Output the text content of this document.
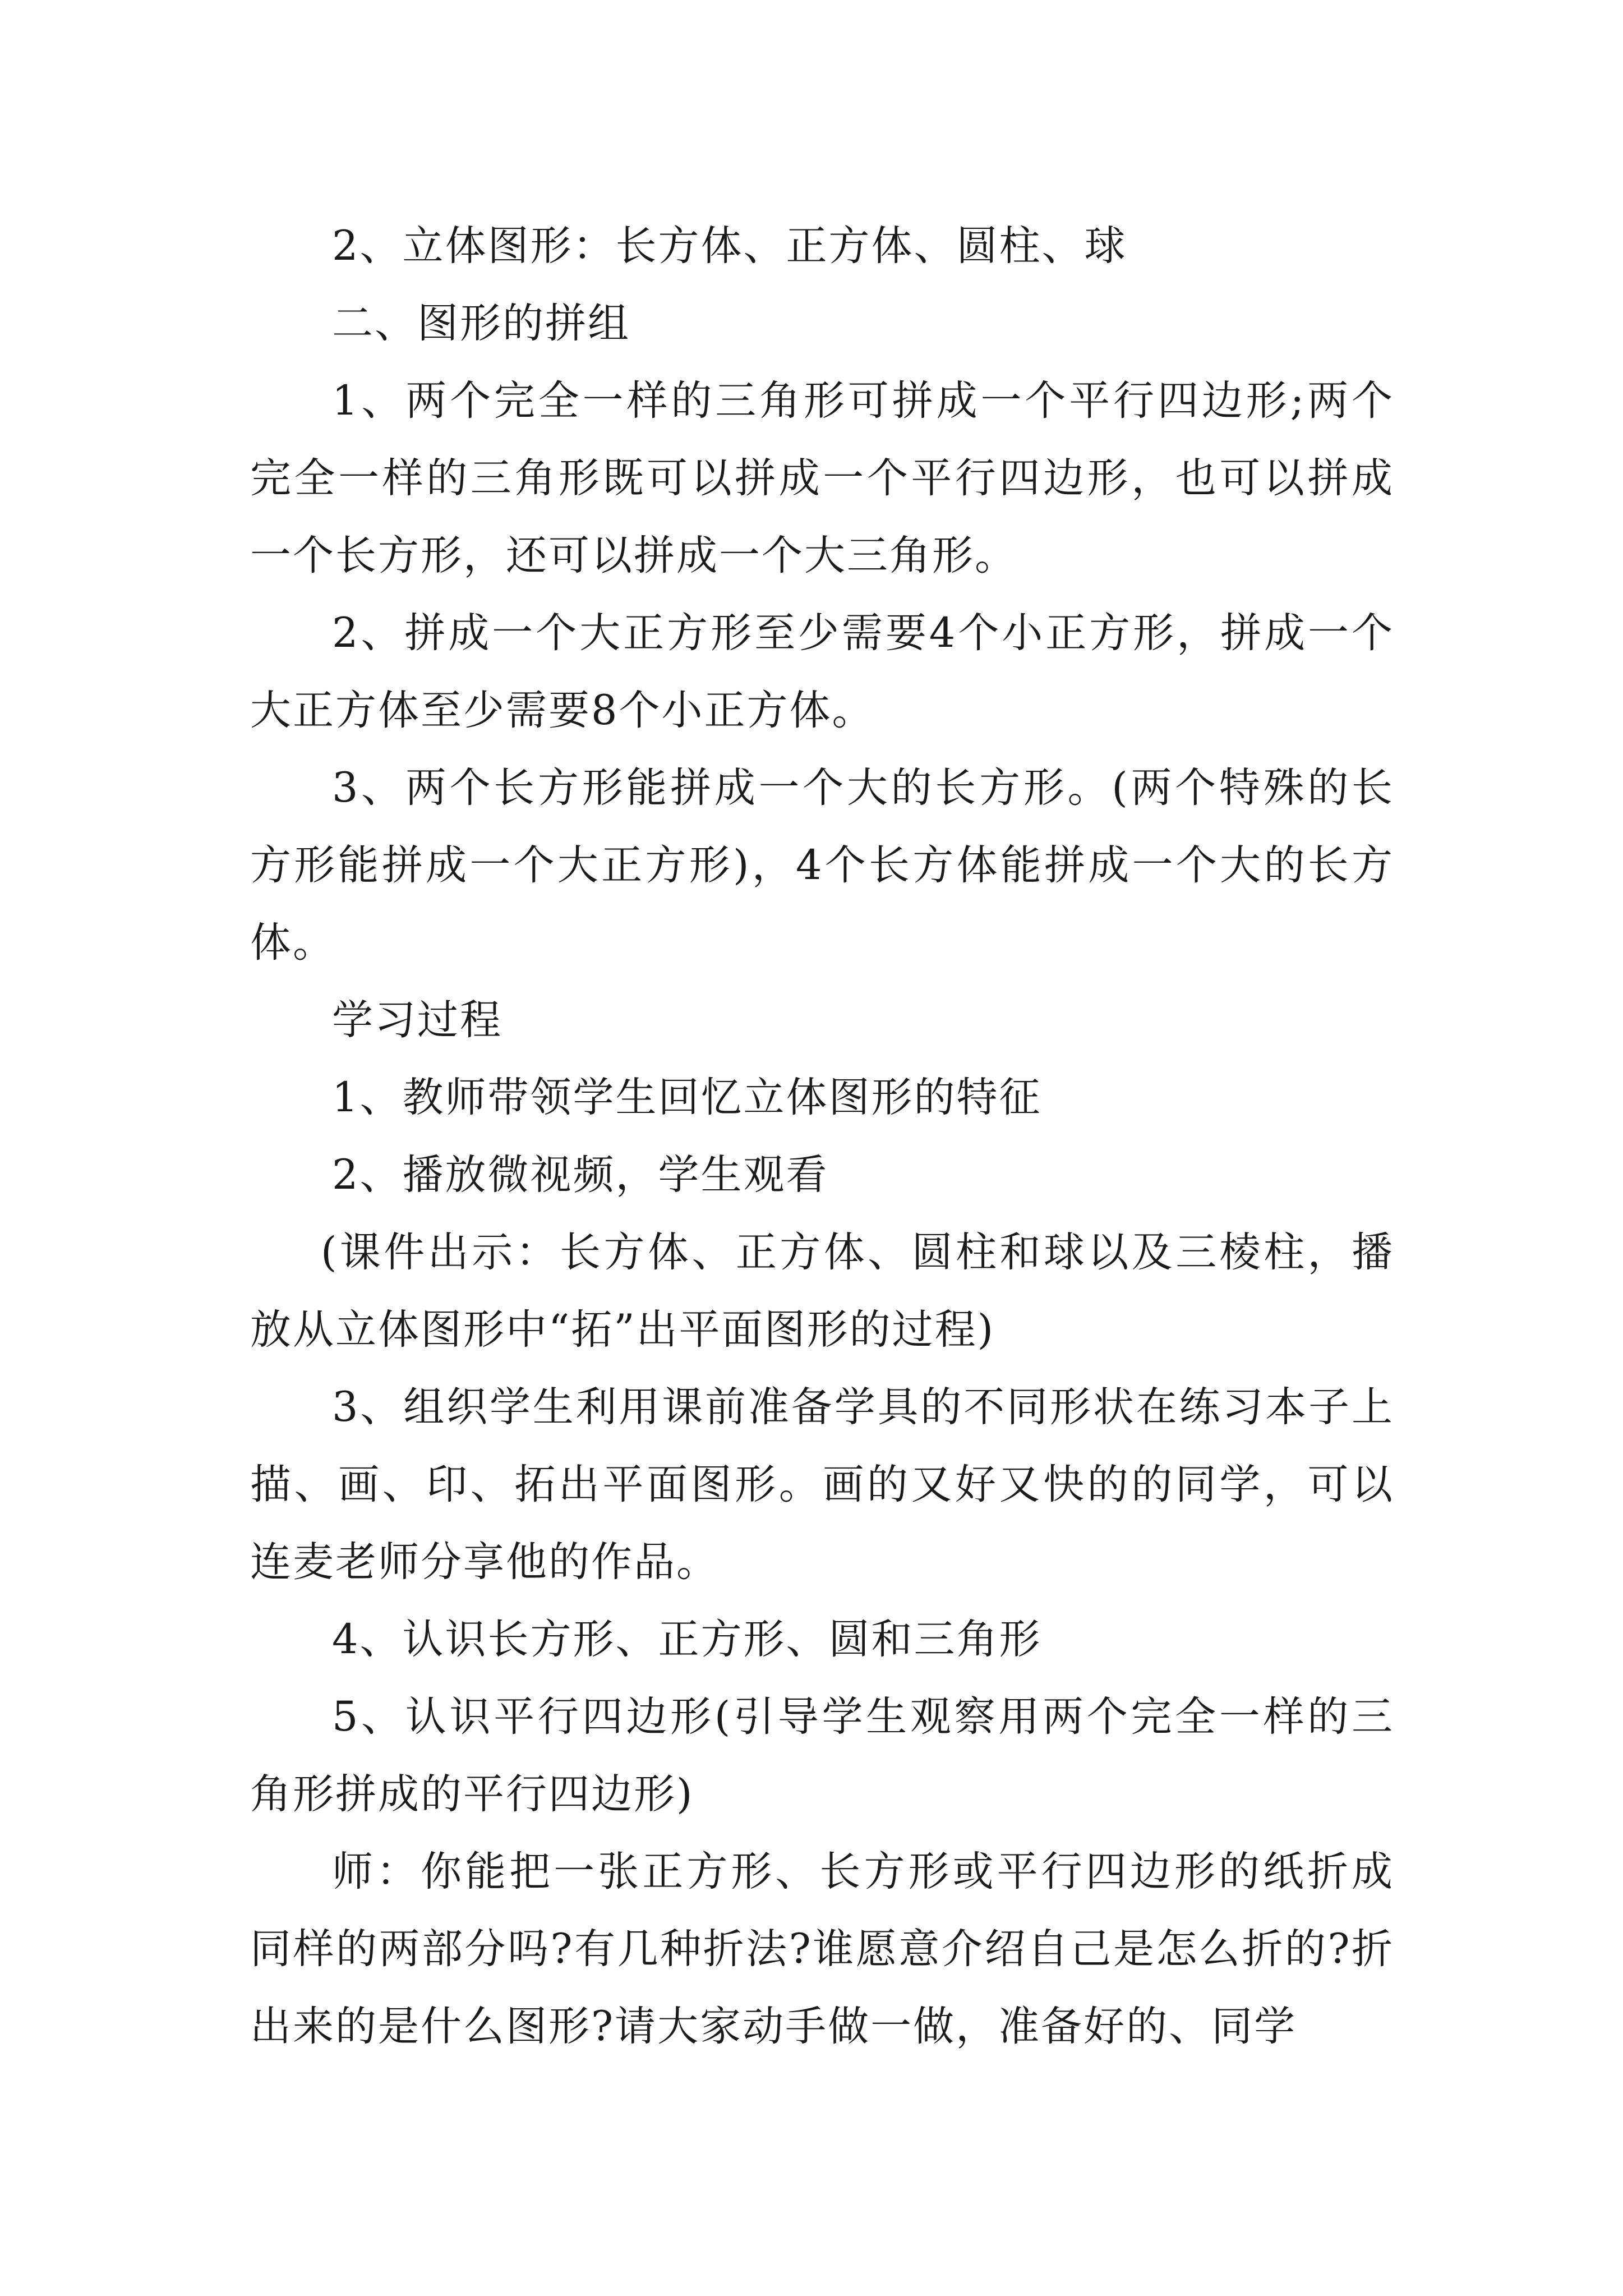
2、立体图形：长方体、正方体、圆柱、球

二、图形的拼组

1、两个完全一样的三角形可拼成一个平行四边形;两个完全一样的三角形既可以拼成一个平行四边形，也可以拼成一个长方形，还可以拼成一个大三角形。

2、拼成一个大正方形至少需要4个小正方形，拼成一个大正方体至少需要8个小正方体。

3、两个长方形能拼成一个大的长方形。(两个特殊的长方形能拼成一个大正方形)，4个长方体能拼成一个大的长方体。

学习过程

1、教师带领学生回忆立体图形的特征

2、播放微视频，学生观看

(课件出示：长方体、正方体、圆柱和球以及三棱柱，播放从立体图形中“拓”出平面图形的过程)

3、组织学生利用课前准备学具的不同形状在练习本子上描、画、印、拓出平面图形。画的又好又快的的同学，可以连麦老师分享他的作品。

4、认识长方形、正方形、圆和三角形

5、认识平行四边形(引导学生观察用两个完全一样的三角形拼成的平行四边形)

师：你能把一张正方形、长方形或平行四边形的纸折成同样的两部分吗?有几种折法?谁愿意介绍自己是怎么折的?折出来的是什么图形?请大家动手做一做，准备好的、同学
